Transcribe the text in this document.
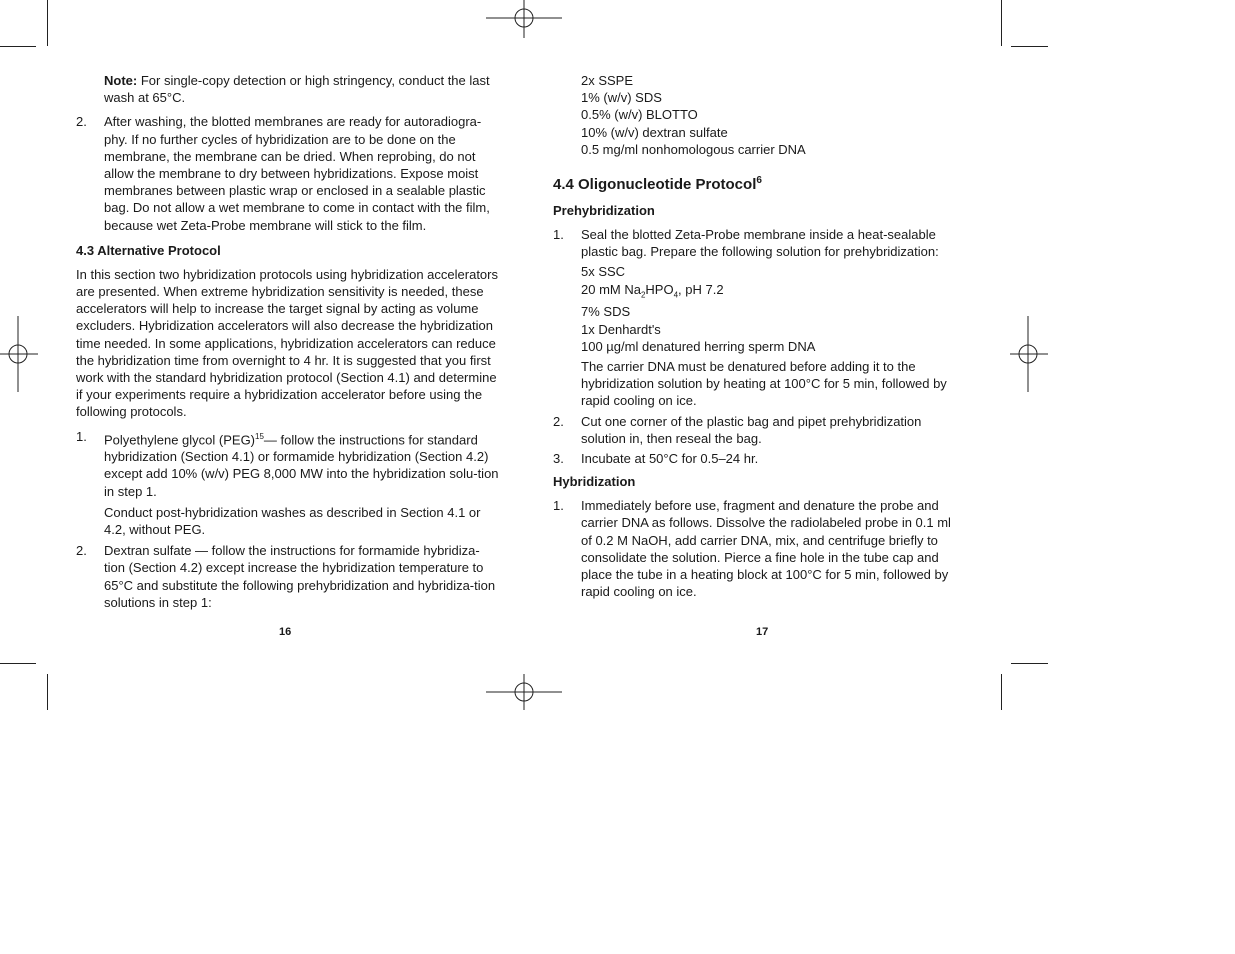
Note: For single-copy detection or high stringency, conduct the last wash at 65°C.

2. After washing, the blotted membranes are ready for autoradiogra-phy. If no further cycles of hybridization are to be done on the membrane, the membrane can be dried. When reprobing, do not allow the membrane to dry between hybridizations. Expose moist membranes between plastic wrap or enclosed in a sealable plastic bag. Do not allow a wet membrane to come in contact with the film, because wet Zeta-Probe membrane will stick to the film.

4.3 Alternative Protocol

In this section two hybridization protocols using hybridization accelerators are presented. When extreme hybridization sensitivity is needed, these accelerators will help to increase the target signal by acting as volume excluders. Hybridization accelerators will also decrease the hybridization time needed. In some applications, hybridization accelerators can reduce the hybridization time from overnight to 4 hr. It is suggested that you first work with the standard hybridization protocol (Section 4.1) and determine if your experiments require a hybridization accelerator before using the following protocols.

1. Polyethylene glycol (PEG)$^{15}$— follow the instructions for standard hybridization (Section 4.1) or formamide hybridization (Section 4.2) except add 10% (w/v) PEG 8,000 MW into the hybridization solu-tion in step 1.

Conduct post-hybridization washes as described in Section 4.1 or 4.2, without PEG.

2. Dextran sulfate — follow the instructions for formamide hybridiza-tion (Section 4.2) except increase the hybridization temperature to 65°C and substitute the following prehybridization and hybridiza-tion solutions in step 1:

16

2x SSPE

1% (w/v) SDS

0.5% (w/v) BLOTTO

10% (w/v) dextran sulfate

0.5 mg/ml nonhomologous carrier DNA

4.4 Oligonucleotide Protocol$^6$
Prehybridization
1. Seal the blotted Zeta-Probe membrane inside a heat-sealable plastic bag. Prepare the following solution for prehybridization:

5x SSC

20 mM $Na_2HPO_4$, pH 7.2

7% SDS

1x Denhardt's

100 µg/ml denatured herring sperm DNA

The carrier DNA must be denatured before adding it to the hybridization solution by heating at 100°C for 5 min, followed by rapid cooling on ice.

2. Cut one corner of the plastic bag and pipet prehybridization solution in, then reseal the bag.

3. Incubate at 50°C for 0.5–24 hr.

Hybridization
1. Immediately before use, fragment and denature the probe and carrier DNA as follows. Dissolve the radiolabeled probe in 0.1 ml of 0.2 M NaOH, add carrier DNA, mix, and centrifuge briefly to consolidate the solution. Pierce a fine hole in the tube cap and place the tube in a heating block at 100°C for 5 min, followed by rapid cooling on ice.

17
